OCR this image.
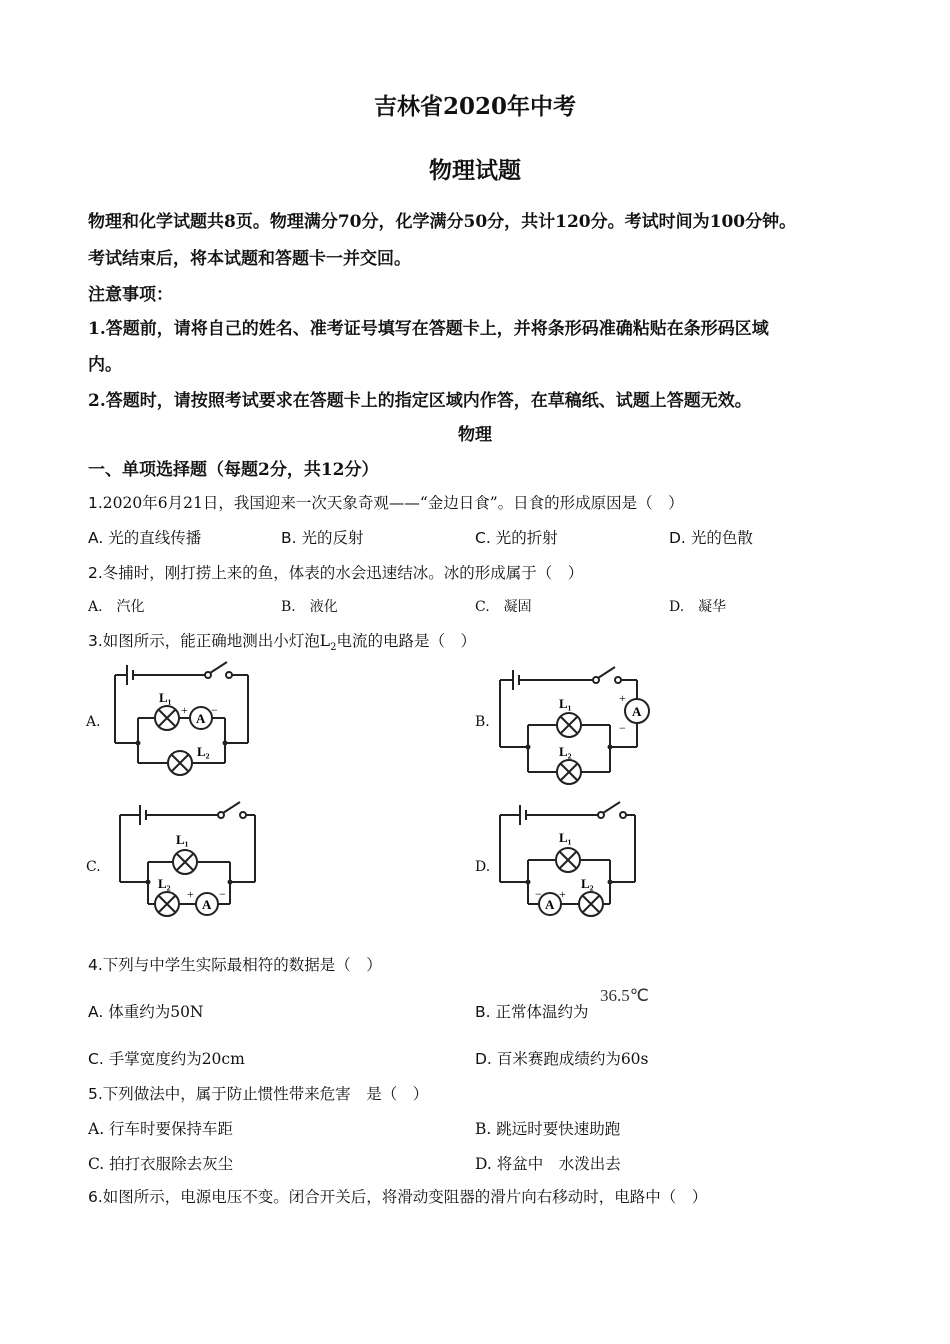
吉林省2020年中考
物理试题
物理和化学试题共8页。物理满分70分，化学满分50分，共计120分。考试时间为100分钟。
考试结束后，将本试题和答题卡一并交回。
注意事项：
1.答题前，请将自己的姓名、准考证号填写在答题卡上，并将条形码准确粘贴在条形码区域
内。
2.答题时，请按照考试要求在答题卡上的指定区域内作答，在草稿纸、试题上答题无效。
物理
一、单项选择题（每题2分，共12分）
1.2020年6月21日，我国迎来一次天象奇观——“金边日食”。日食的形成原因是（　）
A. 光的直线传播	B. 光的反射	C. 光的折射	D. 光的色散
2.冬捕时，刚打捞上来的鱼，体表的水会迅速结冰。冰的形成属于（　）
A.　汽化	B.　液化	C.　凝固	D.　凝华
3.如图所示，能正确地测出小灯泡$L_2$电流的电路是（　）
A.	B.
C.	D.
L₁
+
A
−
L₂
L₁
A
+
−
L₂
L₁
L₂
+
A
−
L₁
−
A
+
L₂
4.下列与中学生实际最相符的数据是（　）
A. 体重约为50N	B. 正常体温约为
36.5℃
C. 手掌宽度约为20cm	D. 百米赛跑成绩约为60s
5.下列做法中，属于防止惯性带来危害　是（　）
A. 行车时要保持车距	B. 跳远时要快速助跑
C. 拍打衣服除去灰尘	D. 将盆中　水泼出去
6.如图所示，电源电压不变。闭合开关后，将滑动变阻器的滑片向右移动时，电路中（　）
